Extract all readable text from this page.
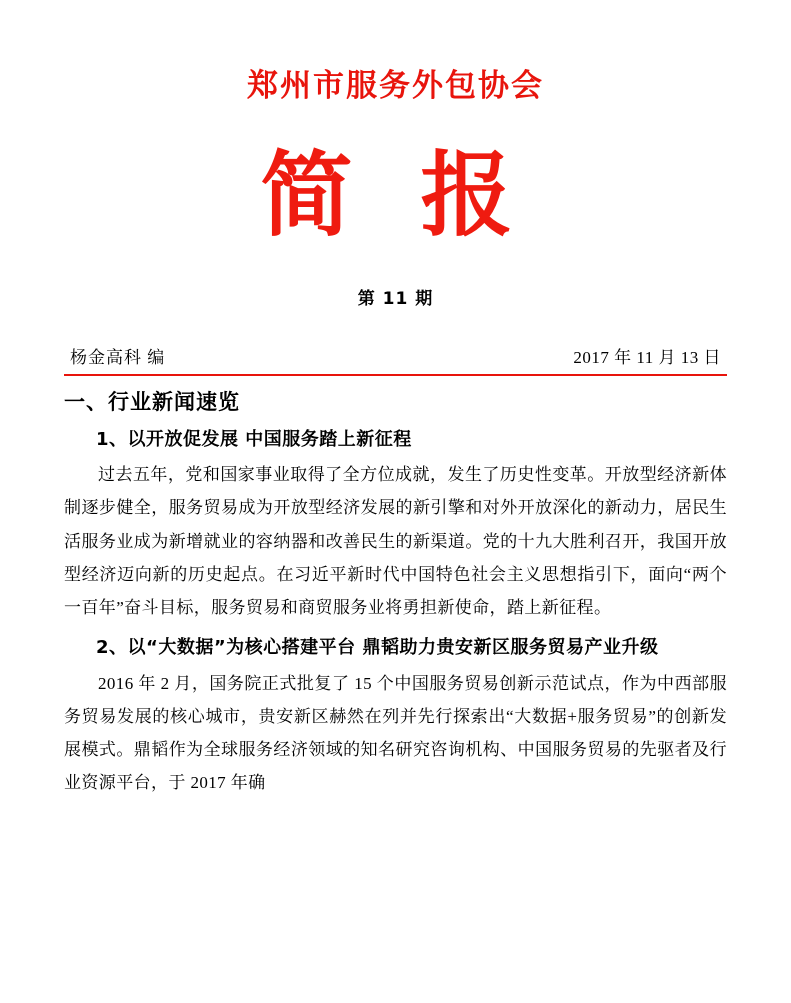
郑州市服务外包协会
简 报
第 11 期
杨金高科 编	2017 年 11 月 13 日
一、行业新闻速览
1、以开放促发展 中国服务踏上新征程
过去五年，党和国家事业取得了全方位成就，发生了历史性变革。开放型经济新体制逐步健全，服务贸易成为开放型经济发展的新引擎和对外开放深化的新动力，居民生活服务业成为新增就业的容纳器和改善民生的新渠道。党的十九大胜利召开，我国开放型经济迈向新的历史起点。在习近平新时代中国特色社会主义思想指引下，面向“两个一百年”奋斗目标，服务贸易和商贸服务业将勇担新使命，踏上新征程。
2、以“大数据”为核心搭建平台 鼎韬助力贵安新区服务贸易产业升级
2016 年 2 月，国务院正式批复了 15 个中国服务贸易创新示范试点，作为中西部服务贸易发展的核心城市，贵安新区赫然在列并先行探索出“大数据+服务贸易”的创新发展模式。鼎韬作为全球服务经济领域的知名研究咨询机构、中国服务贸易的先驱者及行业资源平台，于 2017 年确
